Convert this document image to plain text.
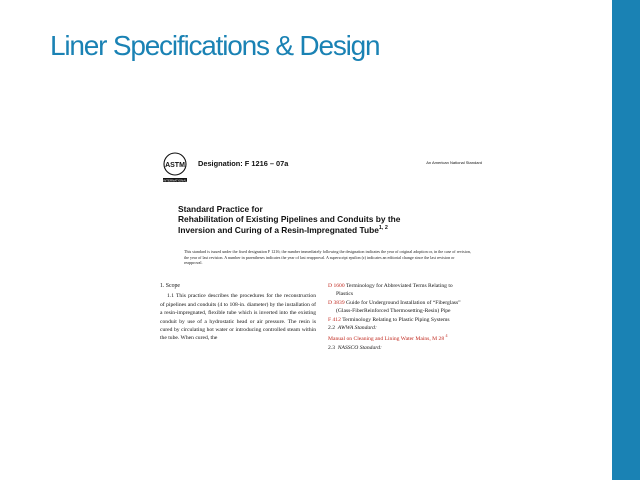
Liner Specifications & Design
ASTM
INTERNATIONAL
Designation: F 1216 – 07a	An American National Standard
Standard Practice for
Rehabilitation of Existing Pipelines and Conduits by the
Inversion and Curing of a Resin-Impregnated Tube$^{1, 2}$
This standard is issued under the fixed designation F 1216; the number immediately following the designation indicates the year of original adoption or, in the case of revision, the year of last revision. A number in parentheses indicates the year of last reapproval. A superscript epsilon (ε) indicates an editorial change since the last revision or reapproval.
1. Scope
1.1 This practice describes the procedures for the reconstruction of pipelines and conduits (4 to 108-in. diameter) by the installation of a resin-impregnated, flexible tube which is inverted into the existing conduit by use of a hydrostatic head or air pressure. The resin is cured by circulating hot water or introducing controlled steam within the tube. When cured, the
D 1600 Terminology for Abbreviated Terms Relating to
Plastics
D 3839 Guide for Underground Installation of “Fiberglass”
(Glass-FiberReinforced Thermosetting-Resin) Pipe
F 412 Terminology Relating to Plastic Piping Systems
2.2 AWWA Standard:
Manual on Cleaning and Lining Water Mains, M 28 $^4$
2.3 NASSCO Standard:
